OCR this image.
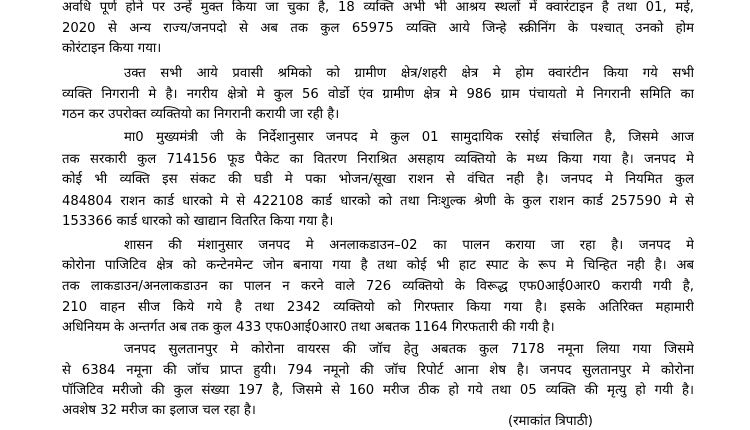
अवधि पूर्ण होने पर उन्हें मुक्त किया जा चुका है, 18 व्यक्ति अभी भी आश्रय स्थलों में क्वारंटाइन है तथा 01, मई,
2020 से अन्य राज्य/जनपदो से अब तक कुल 65975 व्यक्ति आये जिन्हे स्क्रीनिंग के पश्चात् उनको होम
कोरंटाइन किया गया।
उक्त सभी आये प्रवासी श्रमिको को ग्रामीण क्षेत्र/शहरी क्षेत्र मे होम क्वारंटीन किया गये सभी
व्यक्ति निगरानी मे है। नगरीय क्षेत्रो मे कुल 56 वोर्डो एंव ग्रामीण क्षेत्र मे 986 ग्राम पंचायतो मे निगरानी समिति का
गठन कर उपरोक्त व्यक्तियो का निगरानी करायी जा रही है।
मा0 मुख्यमंत्री जी के निर्देशानुसार जनपद मे कुल 01 सामुदायिक रसोई संचालित है, जिसमे आज
तक सरकारी कुल 714156 फूड पैकेट का वितरण निराश्रित असहाय व्यक्तियो के मध्य किया गया है। जनपद मे
कोई भी व्यक्ति इस संकट की घडी मे पका भोजन/सूखा राशन से वंचित नही है। जनपद मे नियमित कुल
484804 राशन कार्ड धारको मे से 422108 कार्ड धारको को तथा निःशुल्क श्रेणी के कुल राशन कार्ड 257590 मे से
153366 कार्ड धारको को खाद्यान वितरित किया गया है।
शासन की मंशानुसार जनपद मे अनलाकडाउन–02 का पालन कराया जा रहा है। जनपद मे
कोरोना पाजिटिव क्षेत्र को कन्टेनमेन्ट जोन बनाया गया है तथा कोई भी हाट स्पाट के रूप मे चिन्हित नही है। अब
तक लाकडाउन/अनलाकडाउन का पालन न करने वाले 726 व्यक्तियो के विरूद्ध एफ0आई0आर0 करायी गयी है,
210 वाहन सीज किये गये है तथा 2342 व्यक्तियो को गिरफ्तार किया गया है। इसके अतिरिक्त महामारी
अधिनियम के अन्तर्गत अब तक कुल 433 एफ0आई0आर0 तथा अबतक 1164 गिरफतारी की गयी है।
जनपद सुलतानपुर मे कोरोना वायरस की जॉच हेतु अबतक कुल 7178 नमूना लिया गया जिसमे
से 6384 नमूना की जॉच प्राप्त हुयी। 794 नमूनो की जॉच रिपोर्ट आना शेष है। जनपद सुलतानपुर मे कोरोना
पॉजिटिव मरीजो की कुल संख्या 197 है, जिसमे से 160 मरीज ठीक हो गये तथा 05 व्यक्ति की मृत्यु हो गयी है।
अवशेष 32 मरीज का इलाज चल रहा है।
(रमाकांत त्रिपाठी)
